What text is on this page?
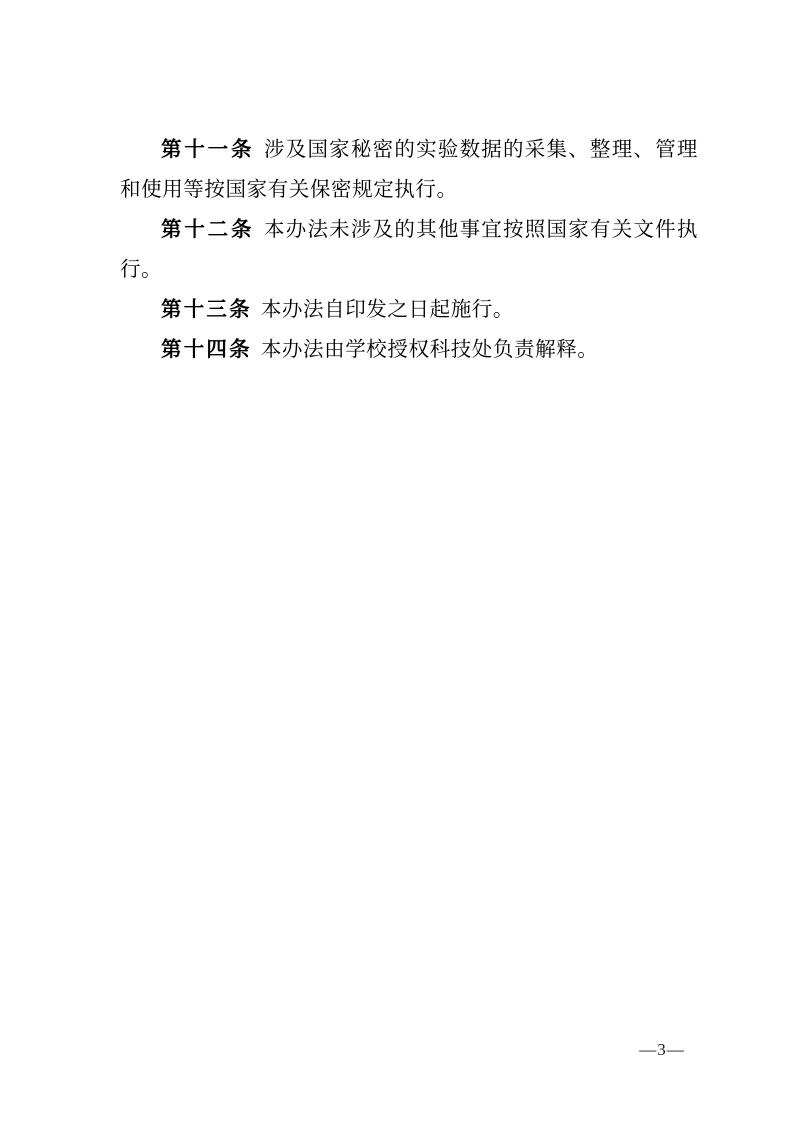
第十一条 涉及国家秘密的实验数据的采集、整理、管理和使用等按国家有关保密规定执行。

第十二条 本办法未涉及的其他事宜按照国家有关文件执行。

第十三条 本办法自印发之日起施行。

第十四条 本办法由学校授权科技处负责解释。

—3—
